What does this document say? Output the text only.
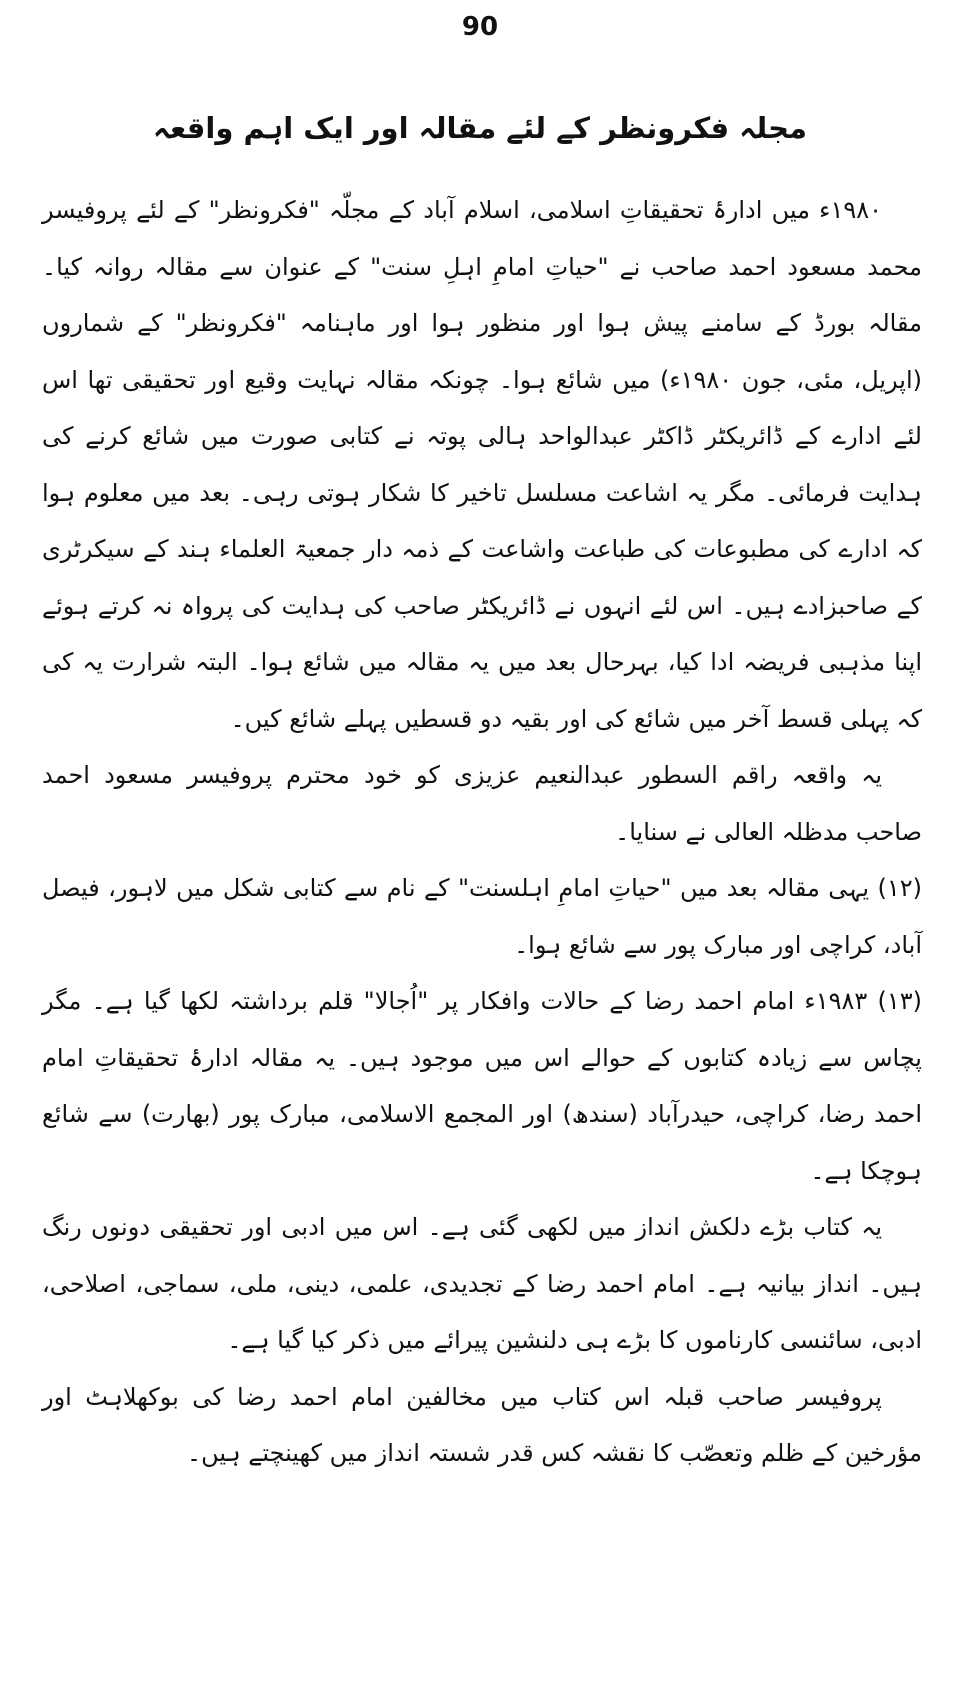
90
مجلہ فکرونظر کے لئے مقالہ اور ایک اہم واقعہ

۱۹۸۰ء میں ادارۂ تحقیقاتِ اسلامی، اسلام آباد کے مجلّہ "فکرونظر" کے لئے پروفیسر محمد مسعود احمد صاحب نے "حیاتِ امامِ اہلِ سنت" کے عنوان سے مقالہ روانہ کیا۔ مقالہ بورڈ کے سامنے پیش ہوا اور منظور ہوا اور ماہنامہ "فکرونظر" کے شماروں (اپریل، مئی، جون ۱۹۸۰ء) میں شائع ہوا۔ چونکہ مقالہ نہایت وقیع اور تحقیقی تھا اس لئے ادارے کے ڈائریکٹر ڈاکٹر عبدالواحد ہالی پوتہ نے کتابی صورت میں شائع کرنے کی ہدایت فرمائی۔ مگر یہ اشاعت مسلسل تاخیر کا شکار ہوتی رہی۔ بعد میں معلوم ہوا کہ ادارے کی مطبوعات کی طباعت واشاعت کے ذمہ دار جمعیۃ العلماء ہند کے سیکرٹری کے صاحبزادے ہیں۔ اس لئے انہوں نے ڈائریکٹر صاحب کی ہدایت کی پرواہ نہ کرتے ہوئے اپنا مذہبی فریضہ ادا کیا، بہرحال بعد میں یہ مقالہ میں شائع ہوا۔ البتہ شرارت یہ کی کہ پہلی قسط آخر میں شائع کی اور بقیہ دو قسطیں پہلے شائع کیں۔

یہ واقعہ راقم السطور عبدالنعیم عزیزی کو خود محترم پروفیسر مسعود احمد صاحب مدظلہ العالی نے سنایا۔

(۱۲) یہی مقالہ بعد میں "حیاتِ امامِ اہلسنت" کے نام سے کتابی شکل میں لاہور، فیصل آباد، کراچی اور مبارک پور سے شائع ہوا۔

(۱۳) ۱۹۸۳ء امام احمد رضا کے حالات وافکار پر "اُجالا" قلم برداشتہ لکھا گیا ہے۔ مگر پچاس سے زیادہ کتابوں کے حوالے اس میں موجود ہیں۔ یہ مقالہ ادارۂ تحقیقاتِ امام احمد رضا، کراچی، حیدرآباد (سندھ) اور المجمع الاسلامی، مبارک پور (بھارت) سے شائع ہوچکا ہے۔

یہ کتاب بڑے دلکش انداز میں لکھی گئی ہے۔ اس میں ادبی اور تحقیقی دونوں رنگ ہیں۔ انداز بیانیہ ہے۔ امام احمد رضا کے تجدیدی، علمی، دینی، ملی، سماجی، اصلاحی، ادبی، سائنسی کارناموں کا بڑے ہی دلنشین پیرائے میں ذکر کیا گیا ہے۔

پروفیسر صاحب قبلہ اس کتاب میں مخالفین امام احمد رضا کی بوکھلاہٹ اور مؤرخین کے ظلم وتعصّب کا نقشہ کس قدر شستہ انداز میں کھینچتے ہیں۔
